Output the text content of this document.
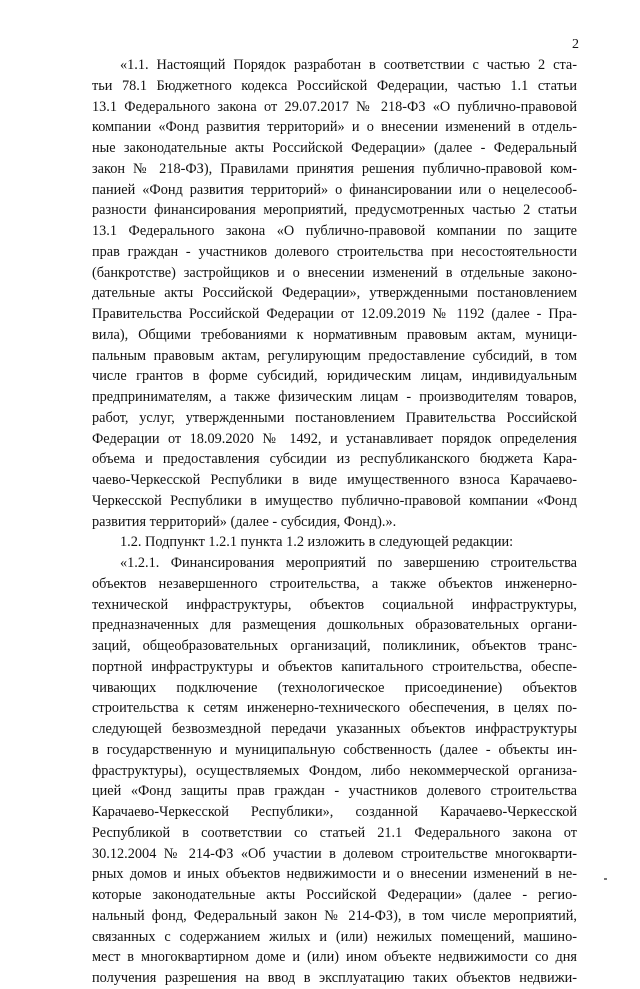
2
«1.1. Настоящий Порядок разработан в соответствии с частью 2 ста-
тьи 78.1 Бюджетного кодекса Российской Федерации, частью 1.1 статьи
13.1 Федерального закона от 29.07.2017 № 218-ФЗ «О публично-правовой
компании «Фонд развития территорий» и о внесении изменений в отдель-
ные законодательные акты Российской Федерации» (далее - Федеральный
закон № 218-ФЗ), Правилами принятия решения публично-правовой ком-
панией «Фонд развития территорий» о финансировании или о нецелесооб-
разности финансирования мероприятий, предусмотренных частью 2 статьи
13.1 Федерального закона «О публично-правовой компании по защите
прав граждан - участников долевого строительства при несостоятельности
(банкротстве) застройщиков и о внесении изменений в отдельные законо-
дательные акты Российской Федерации», утвержденными постановлением
Правительства Российской Федерации от 12.09.2019 № 1192 (далее - Пра-
вила), Общими требованиями к нормативным правовым актам, муници-
пальным правовым актам, регулирующим предоставление субсидий, в том
числе грантов в форме субсидий, юридическим лицам, индивидуальным
предпринимателям, а также физическим лицам - производителям товаров,
работ, услуг, утвержденными постановлением Правительства Российской
Федерации от 18.09.2020 № 1492, и устанавливает порядок определения
объема и предоставления субсидии из республиканского бюджета Кара-
чаево-Черкесской Республики в виде имущественного взноса Карачаево-
Черкесской Республики в имущество публично-правовой компании «Фонд
развития территорий» (далее - субсидия, Фонд).».
1.2. Подпункт 1.2.1 пункта 1.2 изложить в следующей редакции:
«1.2.1. Финансирования мероприятий по завершению строительства
объектов незавершенного строительства, а также объектов инженерно-
технической инфраструктуры, объектов социальной инфраструктуры,
предназначенных для размещения дошкольных образовательных органи-
заций, общеобразовательных организаций, поликлиник, объектов транс-
портной инфраструктуры и объектов капитального строительства, обеспе-
чивающих подключение (технологическое присоединение) объектов
строительства к сетям инженерно-технического обеспечения, в целях по-
следующей безвозмездной передачи указанных объектов инфраструктуры
в государственную и муниципальную собственность (далее - объекты ин-
фраструктуры), осуществляемых Фондом, либо некоммерческой организа-
цией «Фонд защиты прав граждан - участников долевого строительства
Карачаево-Черкесской Республики», созданной Карачаево-Черкесской
Республикой в соответствии со статьей 21.1 Федерального закона от
30.12.2004 № 214-ФЗ «Об участии в долевом строительстве многокварти-
рных домов и иных объектов недвижимости и о внесении изменений в не-
которые законодательные акты Российской Федерации» (далее - регио-
нальный фонд, Федеральный закон № 214-ФЗ), в том числе мероприятий,
связанных с содержанием жилых и (или) нежилых помещений, машино-
мест в многоквартирном доме и (или) ином объекте недвижимости со дня
получения разрешения на ввод в эксплуатацию таких объектов недвижи-
